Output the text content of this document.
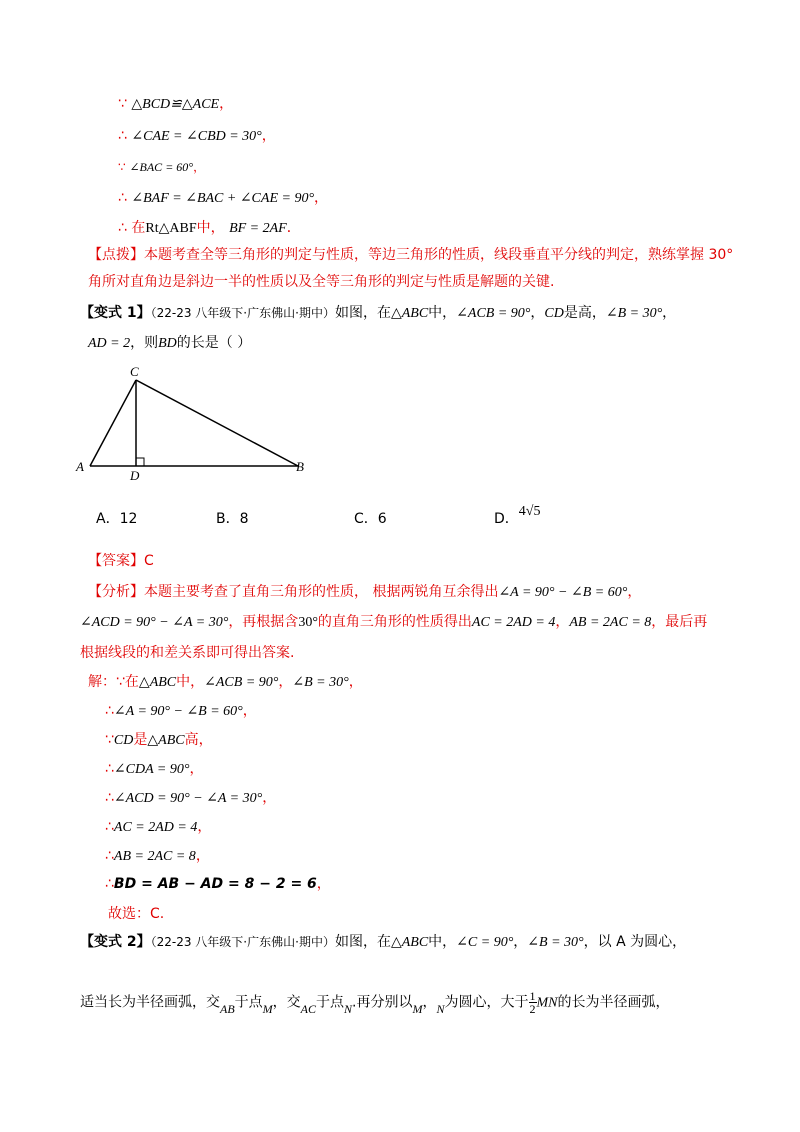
∵ △BCD≌△ACE，
∴ ∠CAE = ∠CBD = 30°，
∵ ∠BAC = 60°，
∴ ∠BAF = ∠BAC + ∠CAE = 90°，
∴ 在Rt△ABF中， BF = 2AF．
【点拨】本题考查全等三角形的判定与性质，等边三角形的性质，线段垂直平分线的判定，熟练掌握 30°
角所对直角边是斜边一半的性质以及全等三角形的判定与性质是解题的关键.
【变式 1】（22-23 八年级下·广东佛山·期中）如图，在△ABC中，∠ACB = 90°，CD是高，∠B = 30°，
AD = 2，则BD的长是（ ）
C
A
D
B
A．12	B．8	C．6	D．4√5
【答案】C
【分析】本题主要考查了直角三角形的性质， 根据两锐角互余得出∠A = 90° − ∠B = 60°，
∠ACD = 90° − ∠A = 30°，再根据含30°的直角三角形的性质得出AC = 2AD = 4，AB = 2AC = 8，最后再
根据线段的和差关系即可得出答案.
解：∵在△ABC中，∠ACB = 90°，∠B = 30°，
∴∠A = 90° − ∠B = 60°，
∵CD是△ABC高，
∴∠CDA = 90°，
∴∠ACD = 90° − ∠A = 30°，
∴AC = 2AD = 4，
∴AB = 2AC = 8，
∴BD = AB − AD = 8 − 2 = 6，
故选：C.
【变式 2】（22-23 八年级下·广东佛山·期中）如图，在△ABC中，∠C = 90°，∠B = 30°，以 A 为圆心，
适当长为半径画弧，交AB于点M，交AC于点N.再分别以M，N为圆心，大于 $\frac{1}{2}$ MN的长为半径画弧，
